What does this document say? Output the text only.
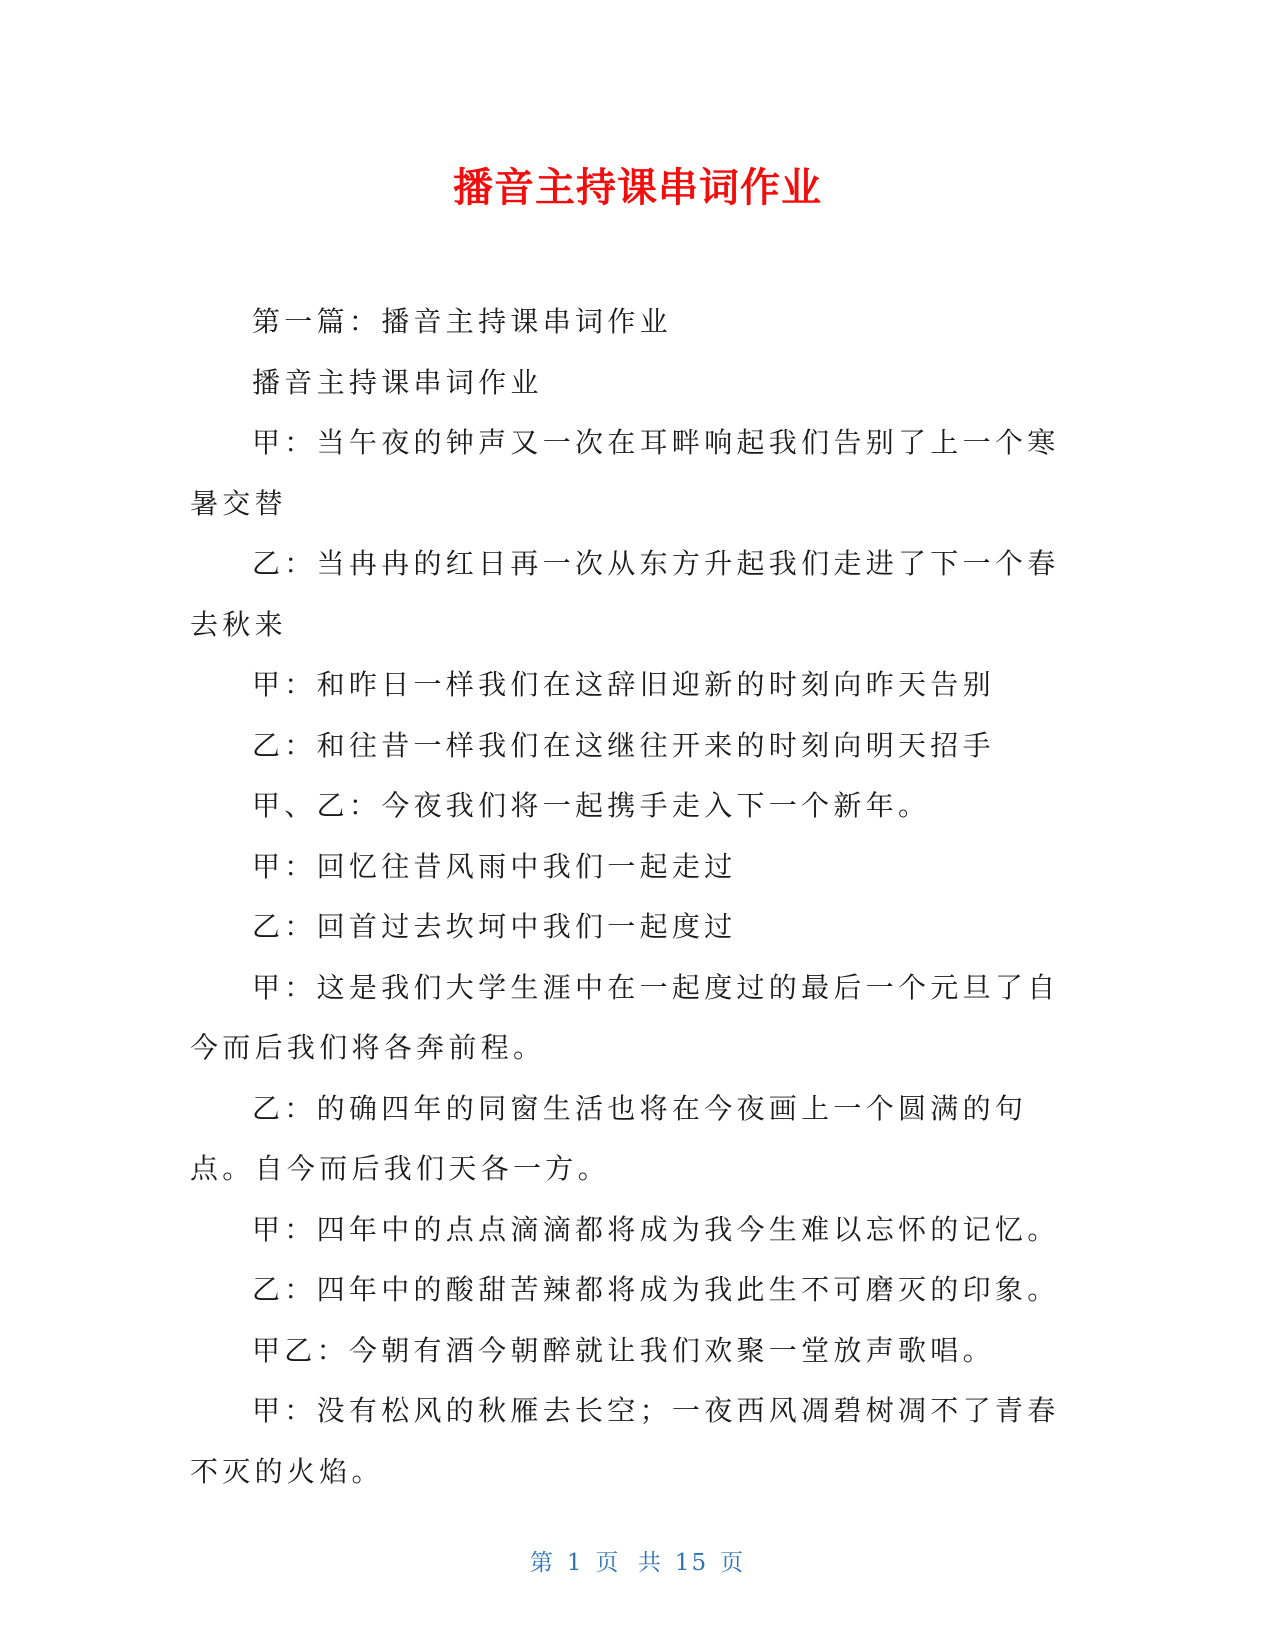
播音主持课串词作业

第一篇：播音主持课串词作业

播音主持课串词作业

甲：当午夜的钟声又一次在耳畔响起我们告别了上一个寒暑交替

乙：当冉冉的红日再一次从东方升起我们走进了下一个春去秋来

甲：和昨日一样我们在这辞旧迎新的时刻向昨天告别

乙：和往昔一样我们在这继往开来的时刻向明天招手

甲、乙：今夜我们将一起携手走入下一个新年。

甲：回忆往昔风雨中我们一起走过

乙：回首过去坎坷中我们一起度过

甲：这是我们大学生涯中在一起度过的最后一个元旦了自今而后我们将各奔前程。

乙：的确四年的同窗生活也将在今夜画上一个圆满的句点。自今而后我们天各一方。

甲：四年中的点点滴滴都将成为我今生难以忘怀的记忆。

乙：四年中的酸甜苦辣都将成为我此生不可磨灭的印象。

甲乙：今朝有酒今朝醉就让我们欢聚一堂放声歌唱。

甲：没有松风的秋雁去长空；一夜西风凋碧树凋不了青春不灭的火焰。

第 1 页 共 15 页
